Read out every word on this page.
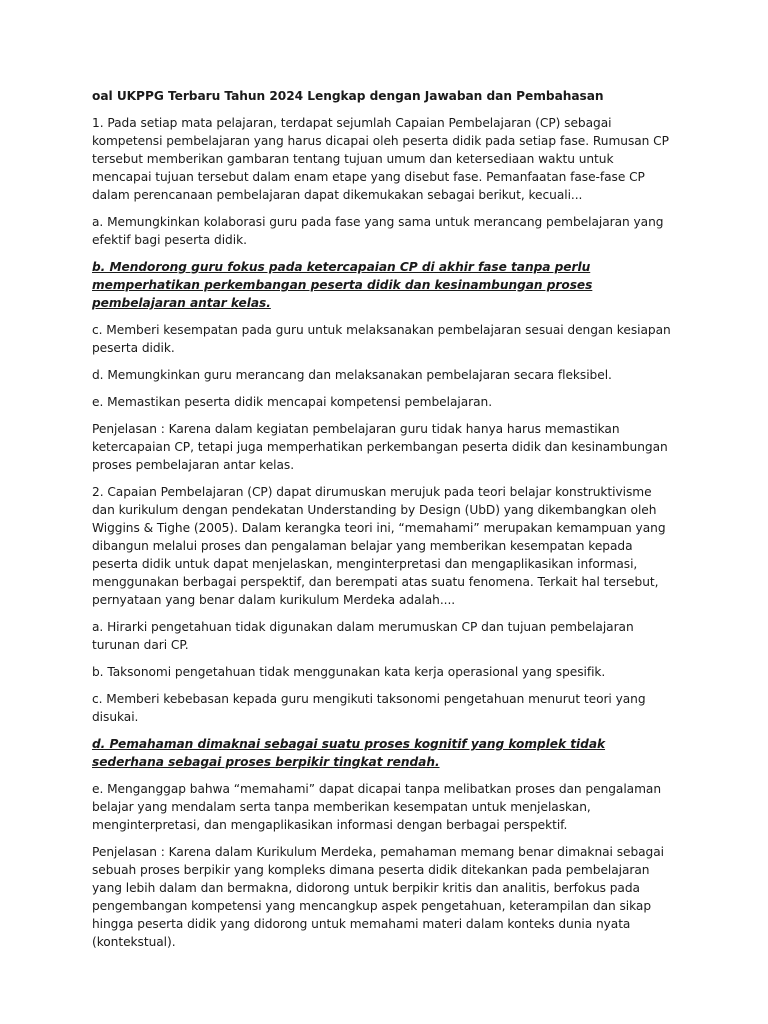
oal UKPPG Terbaru Tahun 2024 Lengkap dengan Jawaban dan Pembahasan

1. Pada setiap mata pelajaran, terdapat sejumlah Capaian Pembelajaran (CP) sebagai kompetensi pembelajaran yang harus dicapai oleh peserta didik pada setiap fase. Rumusan CP tersebut memberikan gambaran tentang tujuan umum dan ketersediaan waktu untuk mencapai tujuan tersebut dalam enam etape yang disebut fase. Pemanfaatan fase-fase CP dalam perencanaan pembelajaran dapat dikemukakan sebagai berikut, kecuali...

a. Memungkinkan kolaborasi guru pada fase yang sama untuk merancang pembelajaran yang efektif bagi peserta didik.

b. Mendorong guru fokus pada ketercapaian CP di akhir fase tanpa perlu memperhatikan perkembangan peserta didik dan kesinambungan proses pembelajaran antar kelas.

c. Memberi kesempatan pada guru untuk melaksanakan pembelajaran sesuai dengan kesiapan peserta didik.

d. Memungkinkan guru merancang dan melaksanakan pembelajaran secara fleksibel.

e. Memastikan peserta didik mencapai kompetensi pembelajaran.

Penjelasan : Karena dalam kegiatan pembelajaran guru tidak hanya harus memastikan ketercapaian CP, tetapi juga memperhatikan perkembangan peserta didik dan kesinambungan proses pembelajaran antar kelas.

2. Capaian Pembelajaran (CP) dapat dirumuskan merujuk pada teori belajar konstruktivisme dan kurikulum dengan pendekatan Understanding by Design (UbD) yang dikembangkan oleh Wiggins & Tighe (2005). Dalam kerangka teori ini, “memahami” merupakan kemampuan yang dibangun melalui proses dan pengalaman belajar yang memberikan kesempatan kepada peserta didik untuk dapat menjelaskan, menginterpretasi dan mengaplikasikan informasi, menggunakan berbagai perspektif, dan berempati atas suatu fenomena. Terkait hal tersebut, pernyataan yang benar dalam kurikulum Merdeka adalah....

a. Hirarki pengetahuan tidak digunakan dalam merumuskan CP dan tujuan pembelajaran turunan dari CP.

b. Taksonomi pengetahuan tidak menggunakan kata kerja operasional yang spesifik.

c. Memberi kebebasan kepada guru mengikuti taksonomi pengetahuan menurut teori yang disukai.

d. Pemahaman dimaknai sebagai suatu proses kognitif yang komplek tidak sederhana sebagai proses berpikir tingkat rendah.

e. Menganggap bahwa “memahami” dapat dicapai tanpa melibatkan proses dan pengalaman belajar yang mendalam serta tanpa memberikan kesempatan untuk menjelaskan, menginterpretasi, dan mengaplikasikan informasi dengan berbagai perspektif.

Penjelasan : Karena dalam Kurikulum Merdeka, pemahaman memang benar dimaknai sebagai sebuah proses berpikir yang kompleks dimana peserta didik ditekankan pada pembelajaran yang lebih dalam dan bermakna, didorong untuk berpikir kritis dan analitis, berfokus pada pengembangan kompetensi yang mencangkup aspek pengetahuan, keterampilan dan sikap hingga peserta didik yang didorong untuk memahami materi dalam konteks dunia nyata (kontekstual).
